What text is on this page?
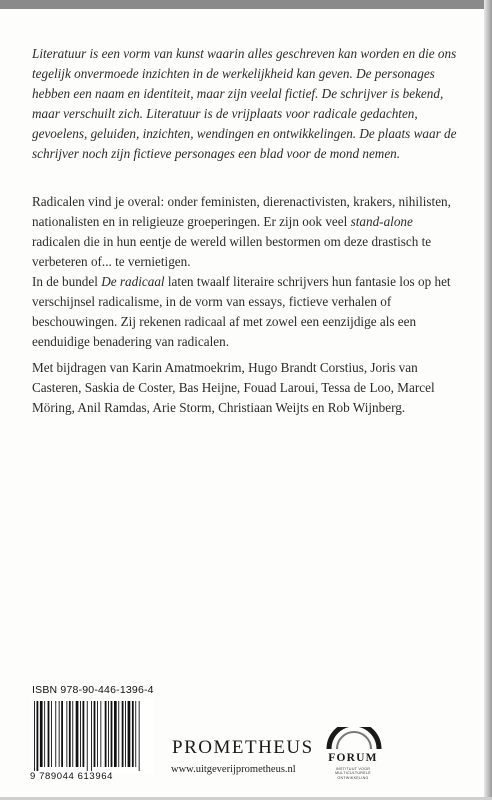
Literatuur is een vorm van kunst waarin alles geschreven kan worden en die ons tegelijk onvermoede inzichten in de werkelijkheid kan geven. De personages hebben een naam en identiteit, maar zijn veelal fictief. De schrijver is bekend, maar verschuilt zich. Literatuur is de vrijplaats voor radicale gedachten, gevoelens, geluiden, inzichten, wendingen en ontwikkelingen. De plaats waar de schrijver noch zijn fictieve personages een blad voor de mond nemen.

Radicalen vind je overal: onder feministen, dierenactivisten, krakers, nihilisten, nationalisten en in religieuze groeperingen. Er zijn ook veel stand-alone radicalen die in hun eentje de wereld willen bestormen om deze drastisch te verbeteren of... te vernietigen.

In de bundel De radicaal laten twaalf literaire schrijvers hun fantasie los op het verschijnsel radicalisme, in de vorm van essays, fictieve verhalen of beschouwingen. Zij rekenen radicaal af met zowel een eenzijdige als een eenduidige benadering van radicalen.

Met bijdragen van Karin Amatmoekrim, Hugo Brandt Corstius, Joris van Casteren, Saskia de Coster, Bas Heijne, Fouad Laroui, Tessa de Loo, Marcel Möring, Anil Ramdas, Arie Storm, Christiaan Weijts en Rob Wijnberg.

ISBN 978-90-446-1396-4
9 789044 613964
PROMETHEUS
www.uitgeverijprometheus.nl
FORUM
INSTITUUT VOOR MULTICULTURELE ONTWIKKELING
